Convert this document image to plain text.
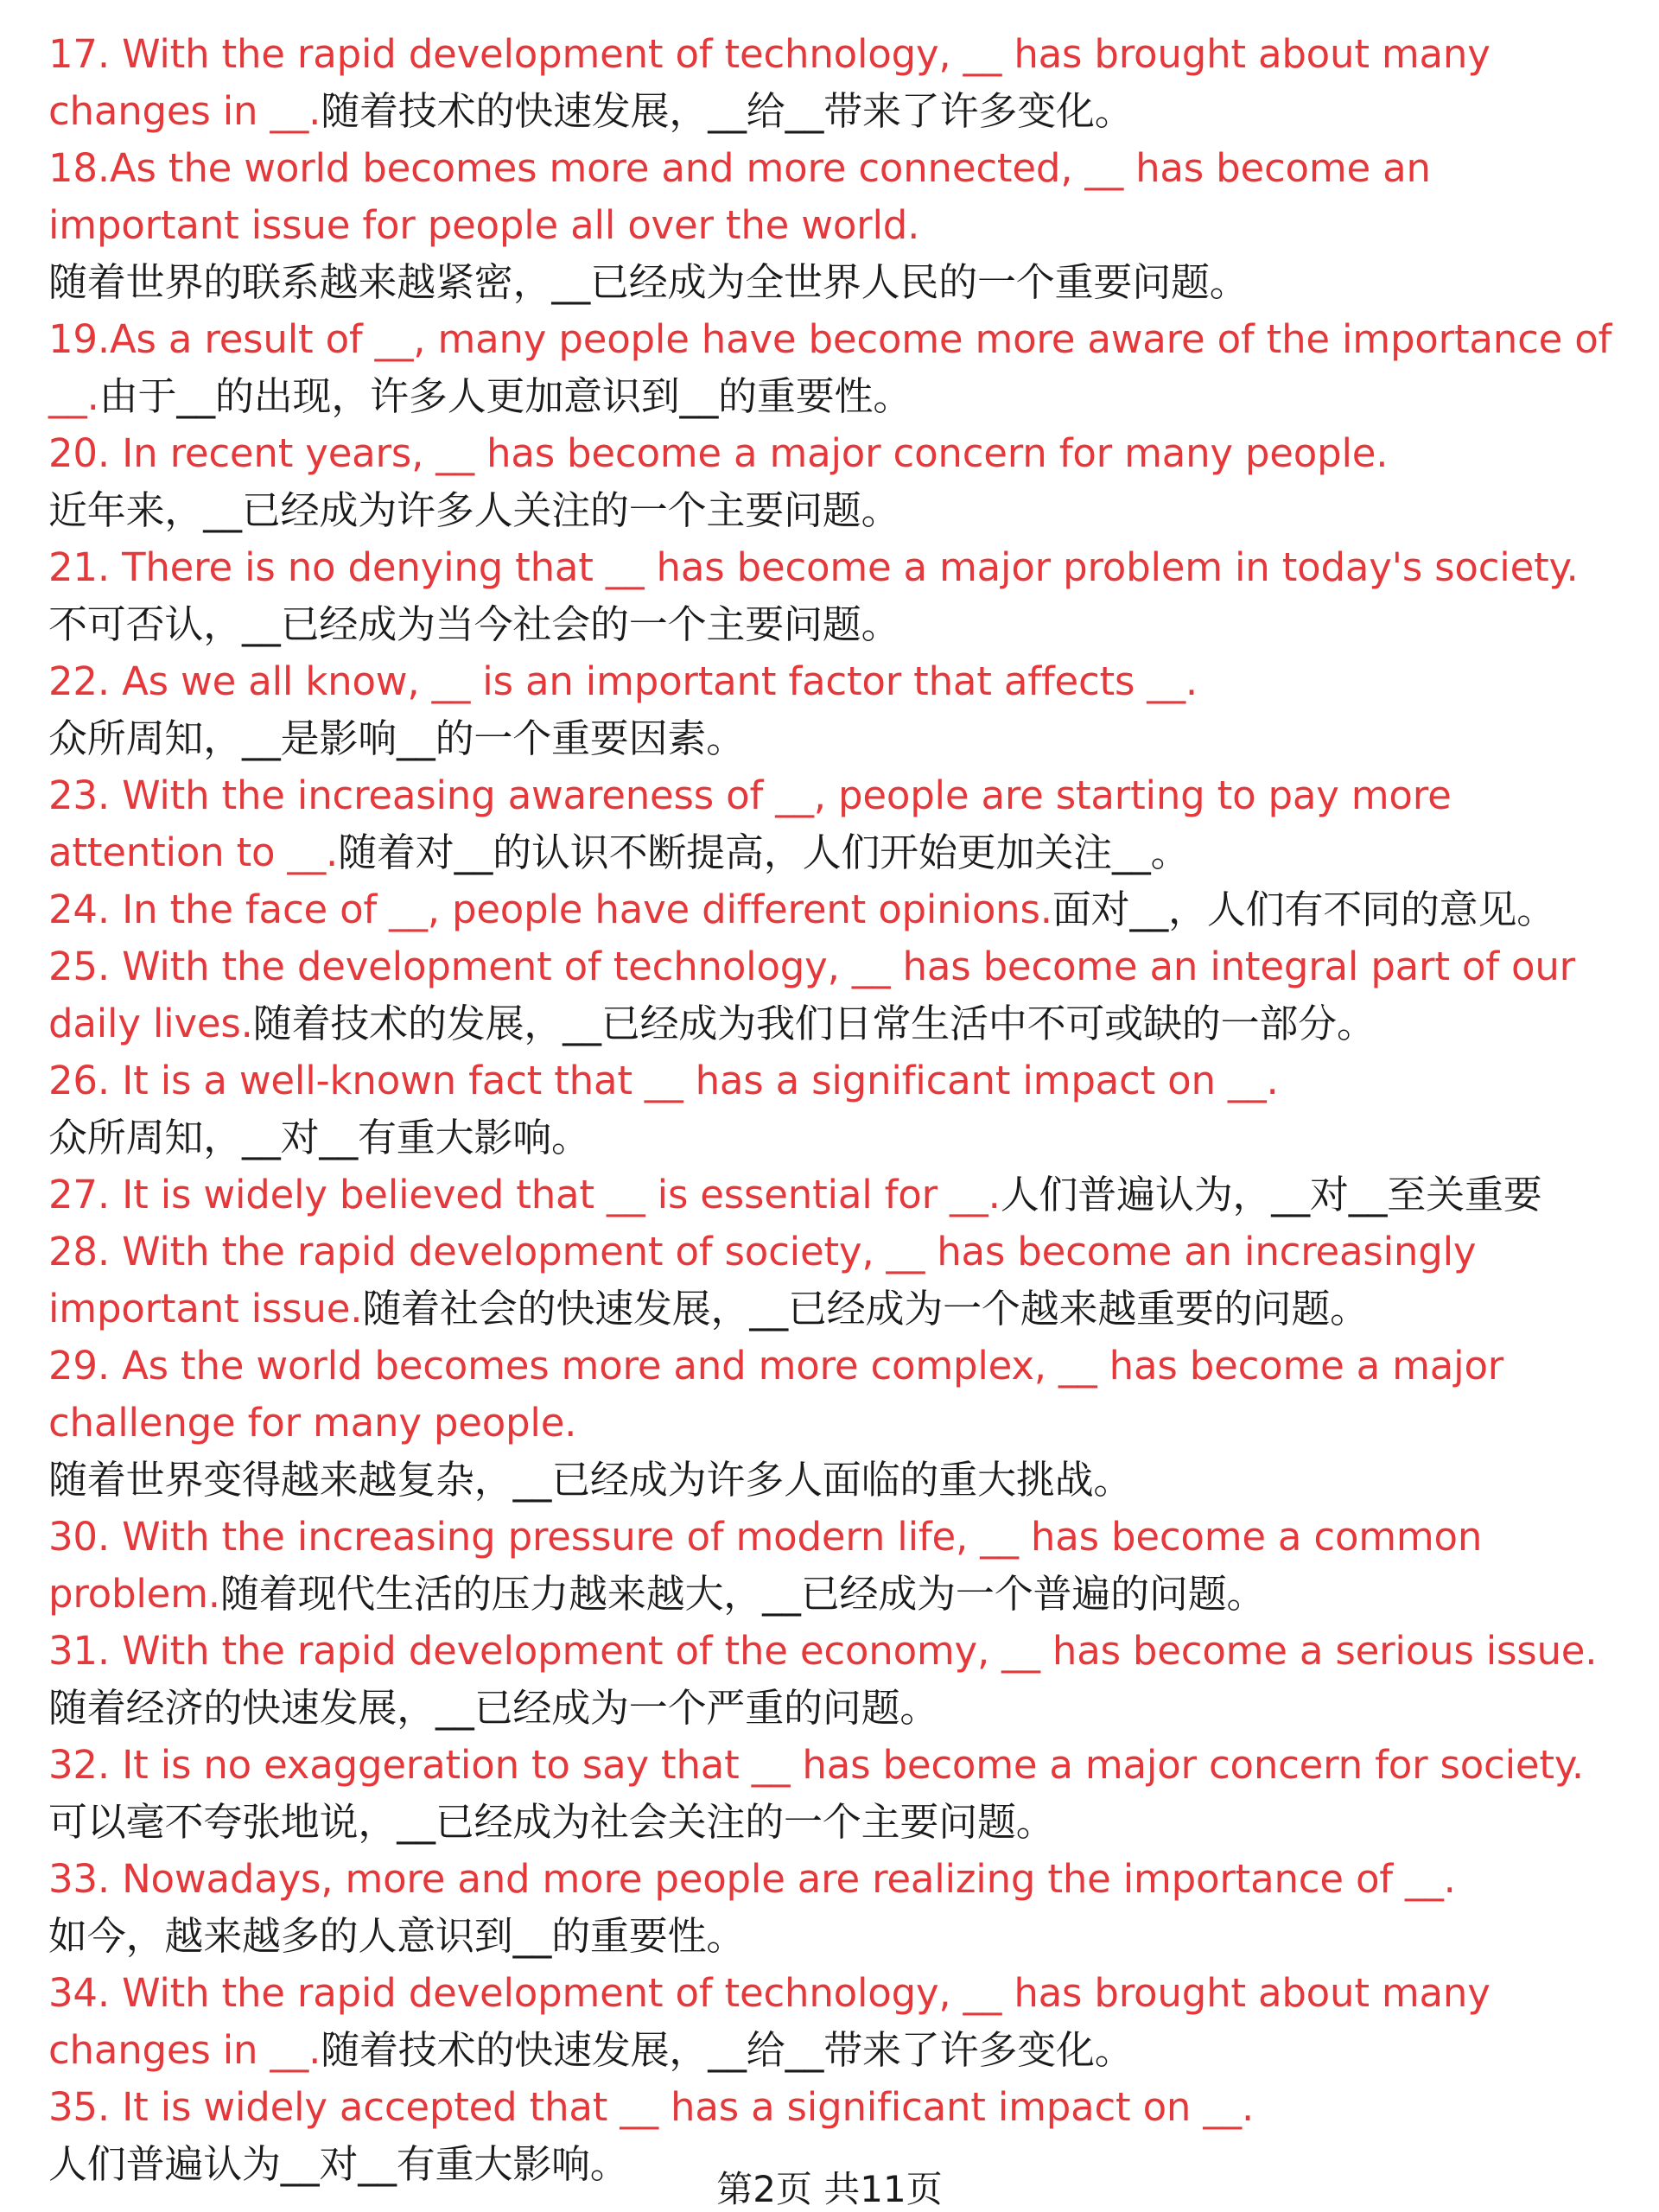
17. With the rapid development of technology, __ has brought about many
changes in __.随着技术的快速发展，__给__带来了许多变化。
18.As the world becomes more and more connected, __ has become an
important issue for people all over the world.
随着世界的联系越来越紧密，__已经成为全世界人民的一个重要问题。
19.As a result of __, many people have become more aware of the importance of
__.由于__的出现，许多人更加意识到__的重要性。
20. In recent years, __ has become a major concern for many people.
近年来，__已经成为许多人关注的一个主要问题。
21. There is no denying that __ has become a major problem in today's society.
不可否认，__已经成为当今社会的一个主要问题。
22. As we all know, __ is an important factor that affects __.
众所周知，__是影响__的一个重要因素。
23. With the increasing awareness of __, people are starting to pay more
attention to __.随着对__的认识不断提高，人们开始更加关注__。
24. In the face of __, people have different opinions.面对__，人们有不同的意见。
25. With the development of technology, __ has become an integral part of our
daily lives.随着技术的发展，__已经成为我们日常生活中不可或缺的一部分。
26. It is a well-known fact that __ has a significant impact on __.
众所周知，__对__有重大影响。
27. It is widely believed that __ is essential for __.人们普遍认为，__对__至关重要
28. With the rapid development of society, __ has become an increasingly
important issue.随着社会的快速发展，__已经成为一个越来越重要的问题。
29. As the world becomes more and more complex, __ has become a major
challenge for many people.
随着世界变得越来越复杂，__已经成为许多人面临的重大挑战。
30. With the increasing pressure of modern life, __ has become a common
problem.随着现代生活的压力越来越大，__已经成为一个普遍的问题。
31. With the rapid development of the economy, __ has become a serious issue.
随着经济的快速发展，__已经成为一个严重的问题。
32. It is no exaggeration to say that __ has become a major concern for society.
可以毫不夸张地说，__已经成为社会关注的一个主要问题。
33. Nowadays, more and more people are realizing the importance of __.
如今，越来越多的人意识到__的重要性。
34. With the rapid development of technology, __ has brought about many
changes in __.随着技术的快速发展，__给__带来了许多变化。
35. It is widely accepted that __ has a significant impact on __.
人们普遍认为__对__有重大影响。
第2页 共11页
